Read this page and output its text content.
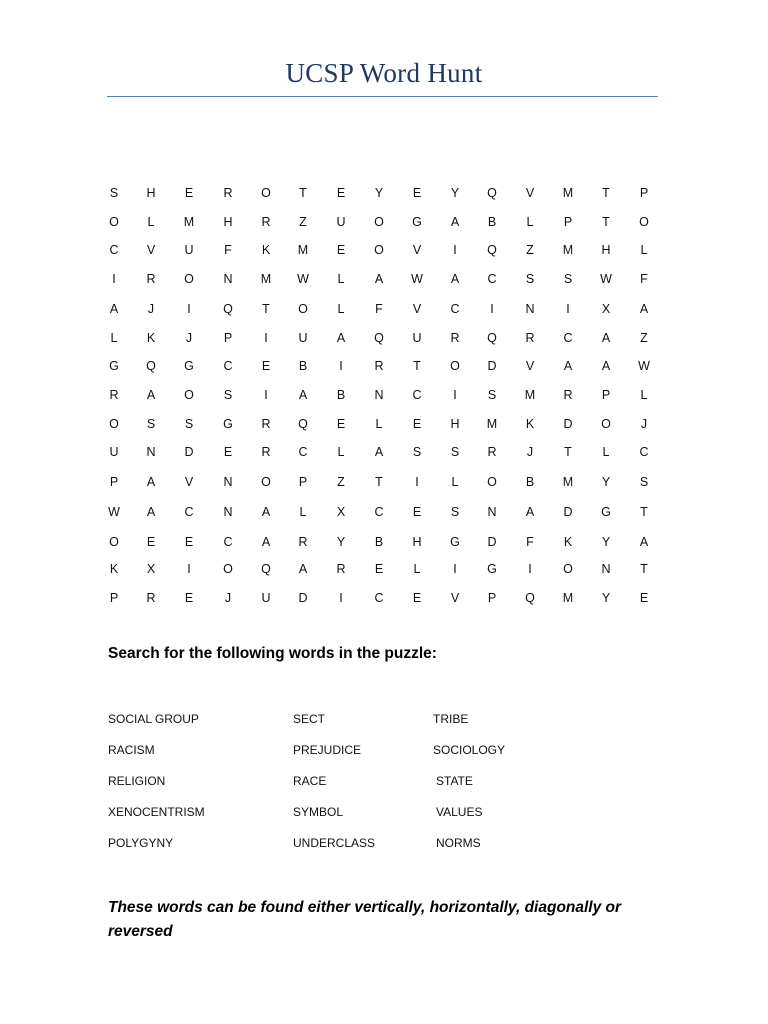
UCSP Word Hunt
S	H	E	R	O	T	E	Y	E	Y	Q	V	M	T	P
O	L	M	H	R	Z	U	O	G	A	B	L	P	T	O
C	V	U	F	K	M	E	O	V	I	Q	Z	M	H	L
I	R	O	N	M	W	L	A	W	A	C	S	S	W	F
A	J	I	Q	T	O	L	F	V	C	I	N	I	X	A
L	K	J	P	I	U	A	Q	U	R	Q	R	C	A	Z
G	Q	G	C	E	B	I	R	T	O	D	V	A	A	W
R	A	O	S	I	A	B	N	C	I	S	M	R	P	L
O	S	S	G	R	Q	E	L	E	H	M	K	D	O	J
U	N	D	E	R	C	L	A	S	S	R	J	T	L	C
P	A	V	N	O	P	Z	T	I	L	O	B	M	Y	S
W	A	C	N	A	L	X	C	E	S	N	A	D	G	T
O	E	E	C	A	R	Y	B	H	G	D	F	K	Y	A
K	X	I	O	Q	A	R	E	L	I	G	I	O	N	T
P	R	E	J	U	D	I	C	E	V	P	Q	M	Y	E
Search for the following words in the puzzle:
SOCIAL GROUP
RACISM
RELIGION
XENOCENTRISM
POLYGYNY
SECT
PREJUDICE
RACE
SYMBOL
UNDERCLASS
TRIBE
SOCIOLOGY
STATE
VALUES
NORMS
These words can be found either vertically, horizontally, diagonally or reversed
